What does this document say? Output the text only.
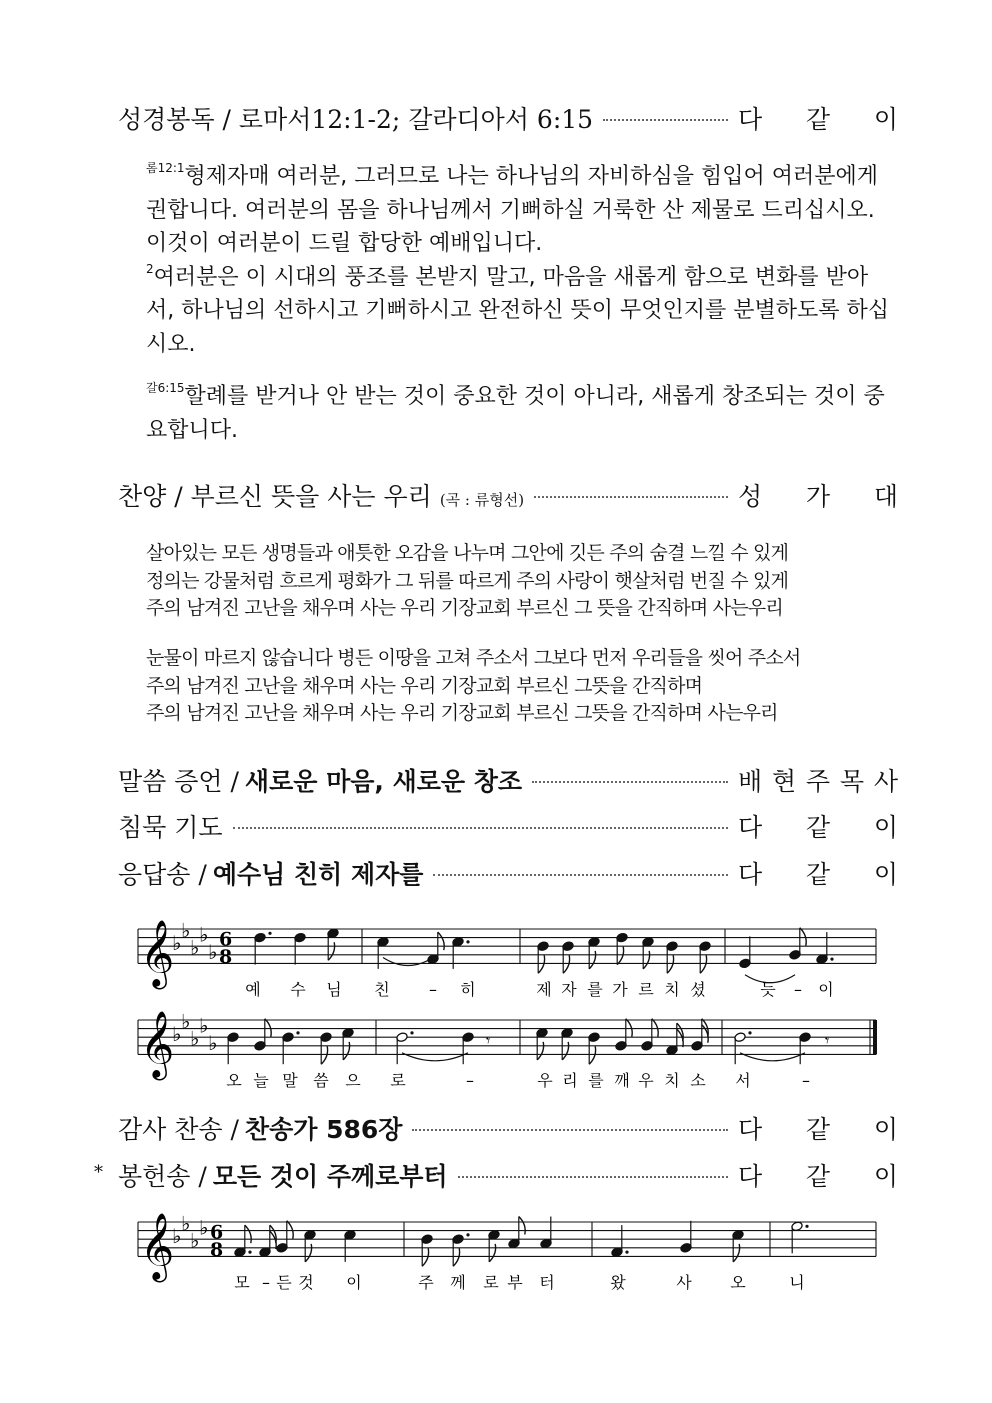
성경봉독 / 로마서12:1-2; 갈라디아서 6:15	다 같 이
$^{롬12:1}$형제자매 여러분, 그러므로 나는 하나님의 자비하심을 힘입어 여러분에게 권합니다. 여러분의 몸을 하나님께서 기뻐하실 거룩한 산 제물로 드리십시오. 이것이 여러분이 드릴 합당한 예배입니다.
$^2$여러분은 이 시대의 풍조를 본받지 말고, 마음을 새롭게 함으로 변화를 받아서, 하나님의 선하시고 기뻐하시고 완전하신 뜻이 무엇인지를 분별하도록 하십시오.
$^{갈6:15}$할례를 받거나 안 받는 것이 중요한 것이 아니라, 새롭게 창조되는 것이 중요합니다.
찬양 / 부르신 뜻을 사는 우리 (곡 : 류형선)	성 가 대
살아있는 모든 생명들과 애틋한 오감을 나누며 그안에 깃든 주의 숨결 느낄 수 있게
정의는 강물처럼 흐르게 평화가 그 뒤를 따르게 주의 사랑이 햇살처럼 번질 수 있게
주의 남겨진 고난을 채우며 사는 우리 기장교회 부르신 그 뜻을 간직하며 사는우리
눈물이 마르지 않습니다 병든 이땅을 고쳐 주소서 그보다 먼저 우리들을 씻어 주소서
주의 남겨진 고난을 채우며 사는 우리 기장교회 부르신 그뜻을 간직하며
주의 남겨진 고난을 채우며 사는 우리 기장교회 부르신 그뜻을 간직하며 사는우리
말씀 증언 / 새로운 마음, 새로운 창조	배 현 주 목 사
침묵 기도	다 같 이
응답송 / 예수님 친히 제자를	다 같 이
𝄞
♭
♭
♭
♭
♭
6
8
예 수 님 친 – 히	제 자 를 가 르 치 셨	듯 – 이
𝄞
♭
♭
♭
♭
♭	𝄾	𝄾
오 늘 말 씀 으 로	–	우 리 를 깨 우 치 소 서	–
감사 찬송 / 찬송가 586장	다 같 이
* 봉헌송 / 모든 것이 주께로부터	다 같 이
𝄞
♭
♭
♭
♭ 6
8
모 – 든 것 이	주 께 로 부 터	왔	사 오	니
